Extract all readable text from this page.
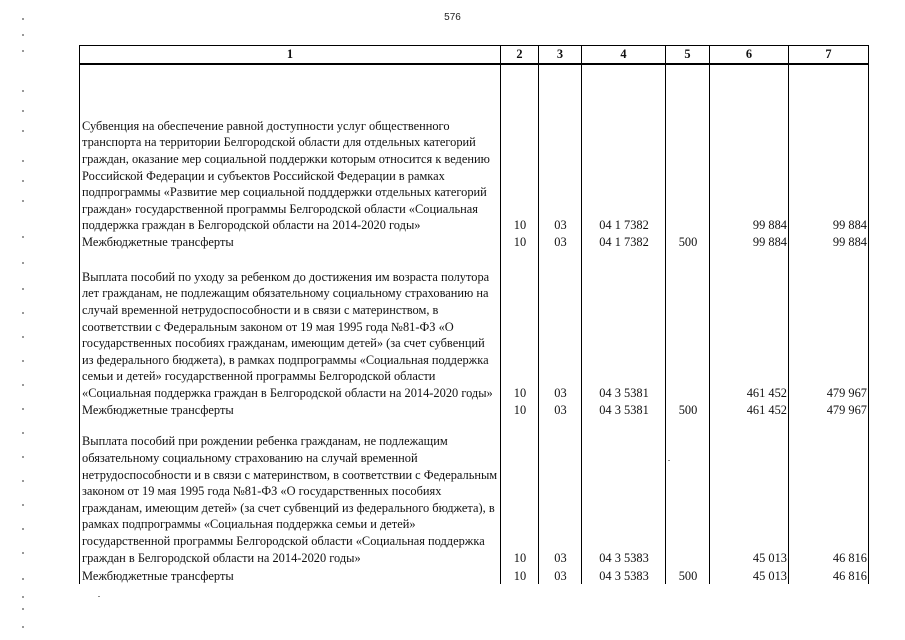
576
1	2	3	4	5	6	7

Субвенция на обеспечение равной доступности услуг общественного транспорта на территории Белгородской области для отдельных категорий граждан, оказание мер социальной поддержки которым относится к ведению Российской Федерации и субъектов Российской Федерации в рамках подпрограммы «Развитие мер социальной подддержки отдельных категорий граждан» государственной программы Белгородской области «Социальная поддержка граждан в Белгородской области на 2014-2020 годы»	10	03	04 1 7382		99 884	99 884
Межбюджетные трансферты	10	03	04 1 7382	500	99 884	99 884
Выплата пособий по уходу за ребенком до достижения им возраста полутора лет гражданам, не подлежащим обязательному социальному страхованию на случай временной нетрудоспособности и в связи с материнством, в соответствии с Федеральным законом от 19 мая 1995 года №81-ФЗ «О государственных пособиях гражданам, имеющим детей» (за счет субвенций из федерального бюджета), в рамках подпрограммы «Социальная поддержка семьи и детей» государственной программы Белгородской области «Социальная поддержка граждан в Белгородской области на 2014-2020 годы»	10	03	04 3 5381		461 452	479 967
Межбюджетные трансферты	10	03	04 3 5381	500	461 452	479 967
Выплата пособий при рождении ребенка гражданам, не подлежащим обязательному социальному страхованию на случай временной нетрудоспособности и в связи с материнством, в соответствии с Федеральным законом от 19 мая 1995 года №81-ФЗ «О государственных пособиях гражданам, имеющим детей» (за счет субвенций из федерального бюджета), в рамках подпрограммы «Социальная поддержка семьи и детей» государственной программы Белгородской области «Социальная поддержка граждан в Белгородской области на 2014-2020 годы»	10	03	04 3 5383		45 013	46 816
Межбюджетные трансферты	10	03	04 3 5383	500	45 013	46 816
